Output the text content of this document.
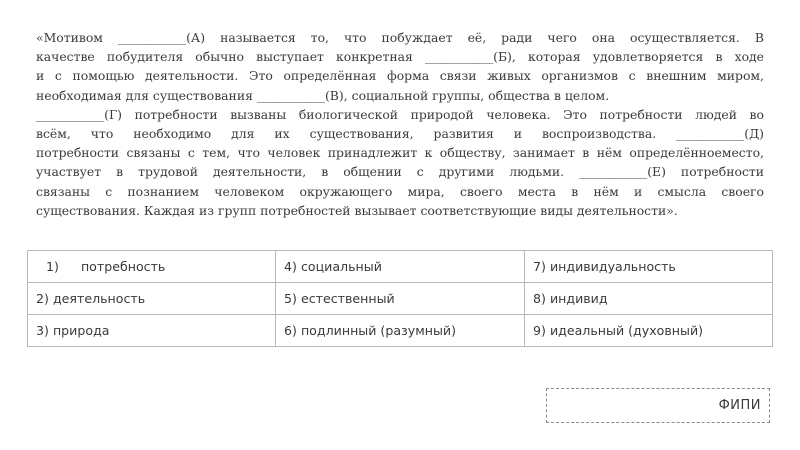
«Мотивом ___________(А) называется то, что побуждает её, ради чего она осуществляется. В
качестве побудителя обычно выступает конкретная ___________(Б), которая удовлетворяется в ходе
и с помощью деятельности. Это определённая форма связи живых организмов с внешним миром,
необходимая для существования ___________(В), социальной группы, общества в целом.
___________(Г) потребности вызваны биологической природой человека. Это потребности людей во
всём, что необходимо для их существования, развития и воспроизводства. ___________(Д)
потребности связаны с тем, что человек принадлежит к обществу, занимает в нём определённоеместо,
участвует в трудовой деятельности, в общении с другими людьми. ___________(Е) потребности
связаны с познанием человеком окружающего мира, своего места в нём и смысла своего
существования. Каждая из групп потребностей вызывает соответствующие виды деятельности».
1) потребность	4) социальный	7) индивидуальность
2) деятельность	5) естественный	8) индивид
3) природа	6) подлинный (разумный)	9) идеальный (духовный)
ФИПИ
